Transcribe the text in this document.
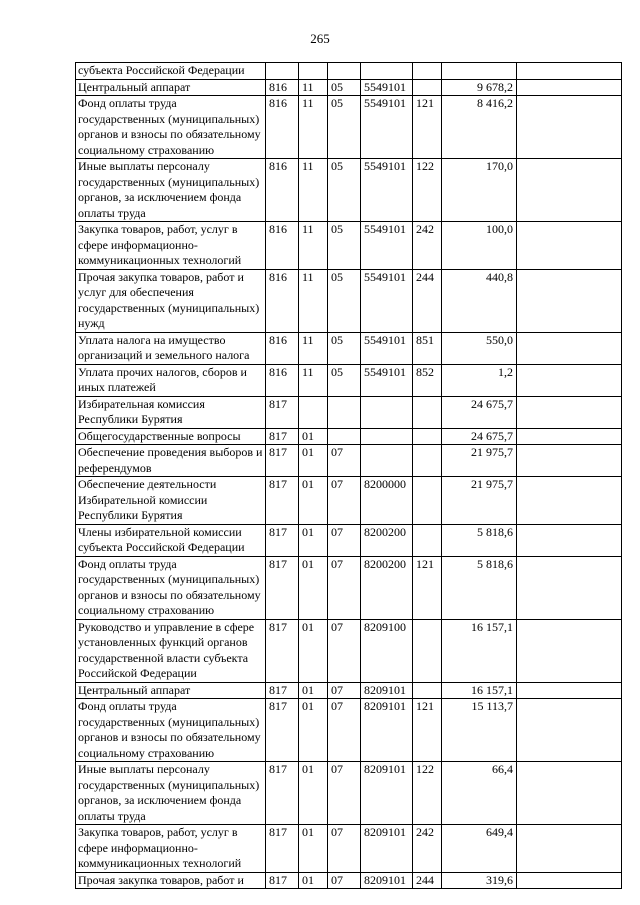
265
субъекта Российской Федерации							
Центральный аппарат	816	11	05	5549101		9 678,2	
Фонд оплаты труда государственных (муниципальных) органов и взносы по обязательному социальному страхованию	816	11	05	5549101	121	8 416,2	
Иные выплаты персоналу государственных (муниципальных) органов, за исключением фонда оплаты труда	816	11	05	5549101	122	170,0	
Закупка товаров, работ, услуг в сфере информационно-коммуникационных технологий	816	11	05	5549101	242	100,0	
Прочая закупка товаров, работ и услуг для обеспечения государственных (муниципальных) нужд	816	11	05	5549101	244	440,8	
Уплата налога на имущество организаций и земельного налога	816	11	05	5549101	851	550,0	
Уплата прочих налогов, сборов и иных платежей	816	11	05	5549101	852	1,2	
Избирательная комиссия Республики Бурятия	817					24 675,7	
Общегосударственные вопросы	817	01				24 675,7	
Обеспечение проведения выборов и референдумов	817	01	07			21 975,7	
Обеспечение деятельности Избирательной комиссии Республики Бурятия	817	01	07	8200000		21 975,7	
Члены избирательной комиссии субъекта Российской Федерации	817	01	07	8200200		5 818,6	
Фонд оплаты труда государственных (муниципальных) органов и взносы по обязательному социальному страхованию	817	01	07	8200200	121	5 818,6	
Руководство и управление в сфере установленных функций органов государственной власти субъекта Российской Федерации	817	01	07	8209100		16 157,1	
Центральный аппарат	817	01	07	8209101		16 157,1	
Фонд оплаты труда государственных (муниципальных) органов и взносы по обязательному социальному страхованию	817	01	07	8209101	121	15 113,7	
Иные выплаты персоналу государственных (муниципальных) органов, за исключением фонда оплаты труда	817	01	07	8209101	122	66,4	
Закупка товаров, работ, услуг в сфере информационно-коммуникационных технологий	817	01	07	8209101	242	649,4	
Прочая закупка товаров, работ и	817	01	07	8209101	244	319,6	
